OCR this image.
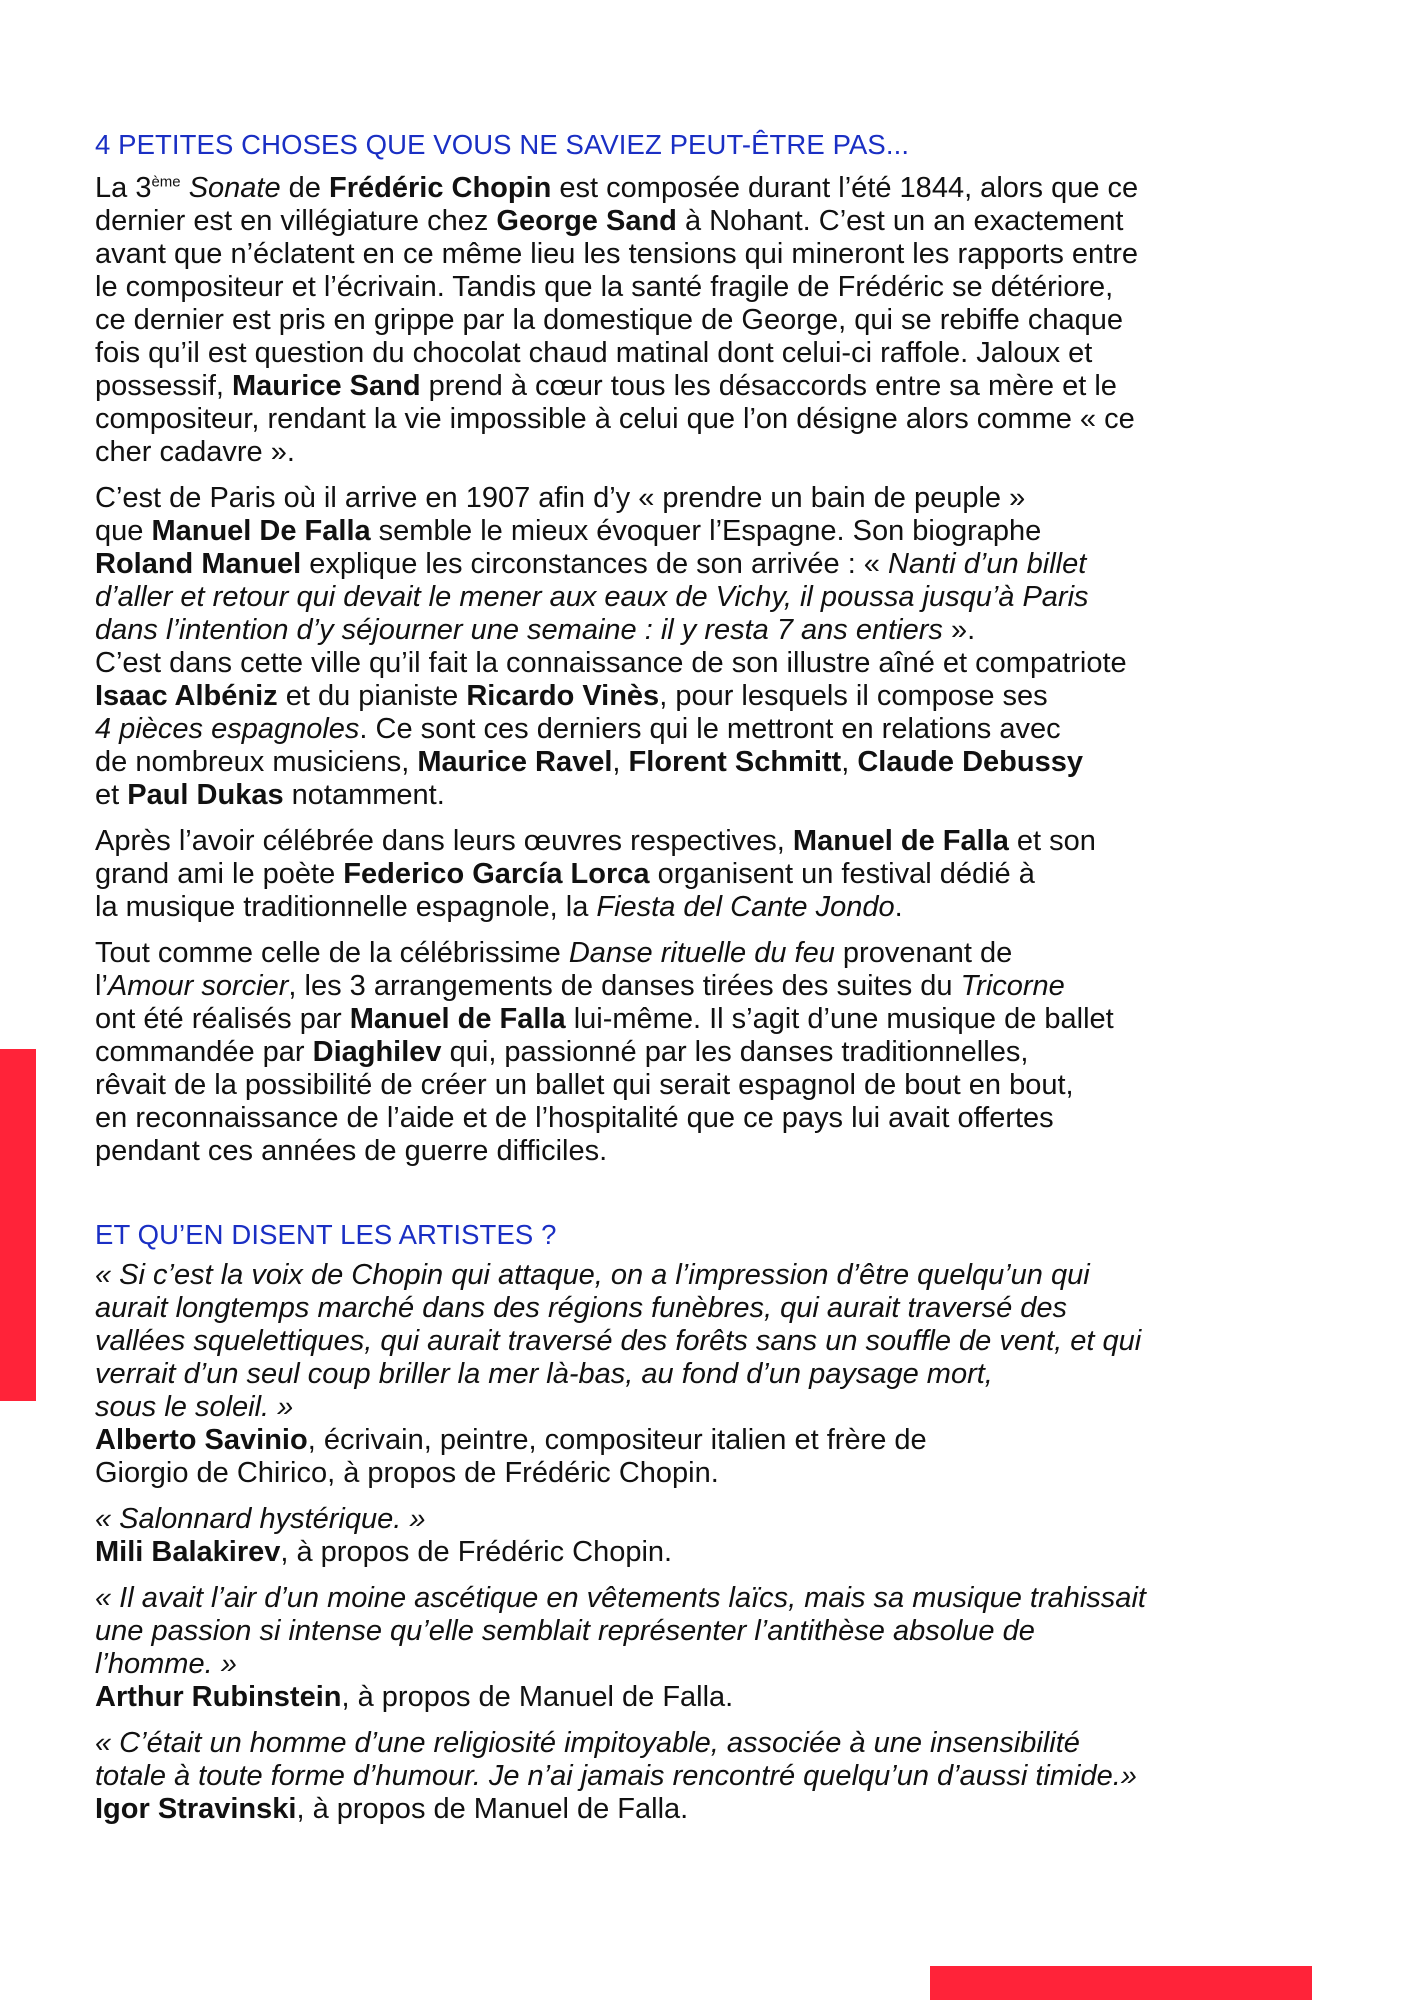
4 PETITES CHOSES QUE VOUS NE SAVIEZ PEUT-ÊTRE PAS...

La 3ème Sonate de Frédéric Chopin est composée durant l’été 1844, alors que ce
dernier est en villégiature chez George Sand à Nohant. C’est un an exactement
avant que n’éclatent en ce même lieu les tensions qui mineront les rapports entre
le compositeur et l’écrivain. Tandis que la santé fragile de Frédéric se détériore,
ce dernier est pris en grippe par la domestique de George, qui se rebiffe chaque
fois qu’il est question du chocolat chaud matinal dont celui-ci raffole. Jaloux et
possessif, Maurice Sand prend à cœur tous les désaccords entre sa mère et le
compositeur, rendant la vie impossible à celui que l’on désigne alors comme « ce
cher cadavre ».

C’est de Paris où il arrive en 1907 afin d’y « prendre un bain de peuple »
que Manuel De Falla semble le mieux évoquer l’Espagne. Son biographe
Roland Manuel explique les circonstances de son arrivée : « Nanti d’un billet
d’aller et retour qui devait le mener aux eaux de Vichy, il poussa jusqu’à Paris
dans l’intention d’y séjourner une semaine : il y resta 7 ans entiers ».
C’est dans cette ville qu’il fait la connaissance de son illustre aîné et compatriote
Isaac Albéniz et du pianiste Ricardo Vinès, pour lesquels il compose ses
4 pièces espagnoles. Ce sont ces derniers qui le mettront en relations avec
de nombreux musiciens, Maurice Ravel, Florent Schmitt, Claude Debussy
et Paul Dukas notamment.

Après l’avoir célébrée dans leurs œuvres respectives, Manuel de Falla et son
grand ami le poète Federico García Lorca organisent un festival dédié à
la musique traditionnelle espagnole, la Fiesta del Cante Jondo.

Tout comme celle de la célébrissime Danse rituelle du feu provenant de
l’Amour sorcier, les 3 arrangements de danses tirées des suites du Tricorne
ont été réalisés par Manuel de Falla lui-même. Il s’agit d’une musique de ballet
commandée par Diaghilev qui, passionné par les danses traditionnelles,
rêvait de la possibilité de créer un ballet qui serait espagnol de bout en bout,
en reconnaissance de l’aide et de l’hospitalité que ce pays lui avait offertes
pendant ces années de guerre difficiles.

ET QU’EN DISENT LES ARTISTES ?

« Si c’est la voix de Chopin qui attaque, on a l’impression d’être quelqu’un qui
aurait longtemps marché dans des régions funèbres, qui aurait traversé des
vallées squelettiques, qui aurait traversé des forêts sans un souffle de vent, et qui
verrait d’un seul coup briller la mer là-bas, au fond d’un paysage mort,
sous le soleil. »
Alberto Savinio, écrivain, peintre, compositeur italien et frère de
Giorgio de Chirico, à propos de Frédéric Chopin.

« Salonnard hystérique. »
Mili Balakirev, à propos de Frédéric Chopin.

« Il avait l’air d’un moine ascétique en vêtements laïcs, mais sa musique trahissait
une passion si intense qu’elle semblait représenter l’antithèse absolue de
l’homme. »
Arthur Rubinstein, à propos de Manuel de Falla.

« C’était un homme d’une religiosité impitoyable, associée à une insensibilité
totale à toute forme d’humour. Je n’ai jamais rencontré quelqu’un d’aussi timide.»
Igor Stravinski, à propos de Manuel de Falla.
